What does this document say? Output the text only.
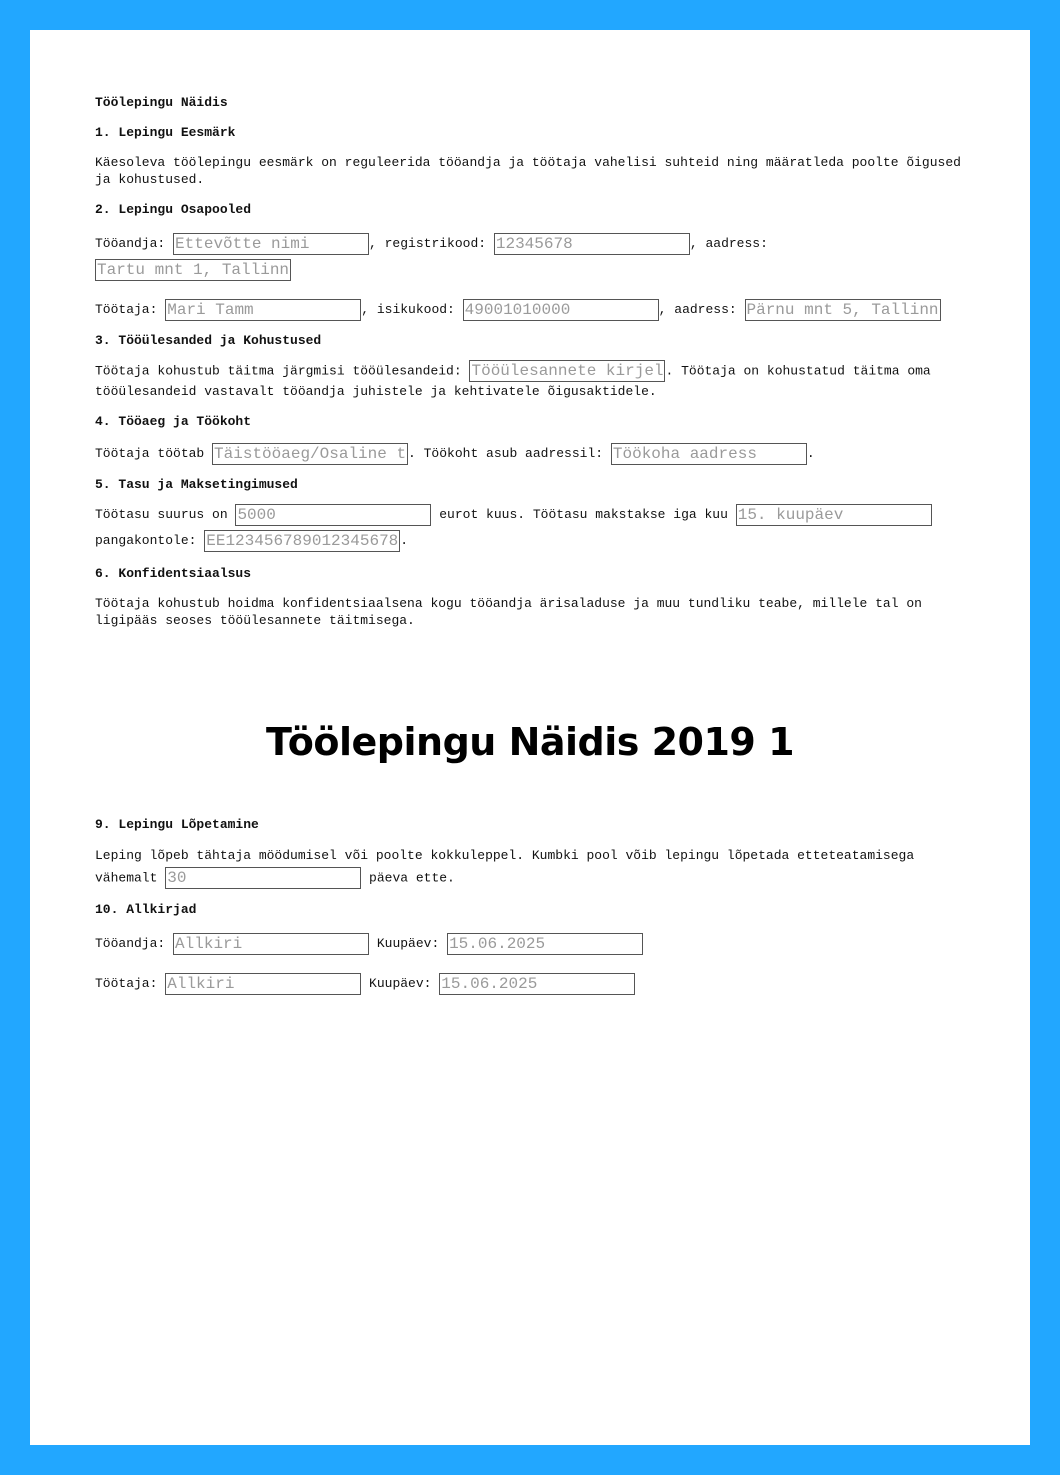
Töölepingu Näidis

1. Lepingu Eesmärk

Käesoleva töölepingu eesmärk on reguleerida tööandja ja töötaja vahelisi suhteid ning määratleda poolte õigused ja kohustused.

2. Lepingu Osapooled

Tööandja: Ettevõtte nimi	, registrikood: 12345678	, aadress:
Tartu mnt 1, Tallinn
Töötaja: Mari Tamm	, isikukood: 49001010000	, aadress: Pärnu mnt 5, Tallinn

3. Tööülesanded ja Kohustused

Töötaja kohustub täitma järgmisi tööülesandeid: Tööülesannete kirjeldus	. Töötaja on kohustatud täitma oma tööülesandeid vastavalt tööandja juhistele ja kehtivatele õigusaktidele.

4. Tööaeg ja Töökoht

Töötaja töötab Täistööaeg/Osaline tööaeg	. Töökoht asub aadressil: Töökoha aadress	.

5. Tasu ja Maksetingimused

Töötasu suurus on 5000	eurot kuus. Töötasu makstakse iga kuu 15. kuupäev
pangakontole: EE123456789012345678	.

6. Konfidentsiaalsus

Töötaja kohustub hoidma konfidentsiaalsena kogu tööandja ärisaladuse ja muu tundliku teabe, millele tal on ligipääs seoses tööülesannete täitmisega.

Töölepingu Näidis 2019 1

9. Lepingu Lõpetamine

Leping lõpeb tähtaja möödumisel või poolte kokkuleppel. Kumbki pool võib lepingu lõpetada etteteatamisega vähemalt 30	päeva ette.

10. Allkirjad

Tööandja: Allkiri	Kuupäev: 15.06.2025
Töötaja: Allkiri	Kuupäev: 15.06.2025
